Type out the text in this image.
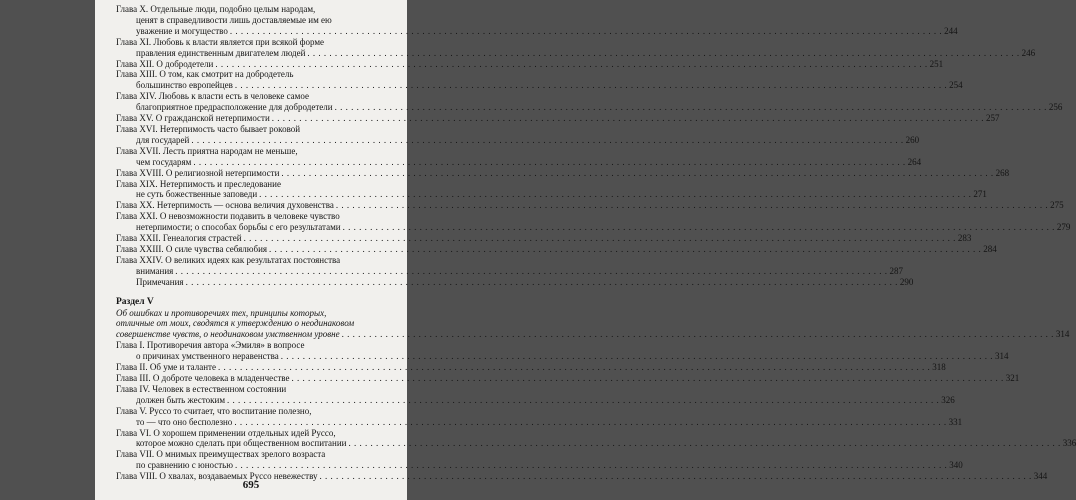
Глава X. Отдельные люди, подобно целым народам,
ценят в справедливости лишь доставляемые им ею
уважение и могущество . . .	244
Глава XI. Любовь к власти является при всякой форме
правления единственным двигателем людей . . .	246
Глава XII. О добродетели . . .	251
Глава XIII. О том, как смотрит на добродетель
большинство европейцев . . .	254
Глава XIV. Любовь к власти есть в человеке самое
благоприятное предрасположение для добродетели . . .	256
Глава XV. О гражданской нетерпимости . . .	257
Глава XVI. Нетерпимость часто бывает роковой
для государей . . .	260
Глава XVII. Лесть приятна народам не меньше,
чем государям . . .	264
Глава XVIII. О религиозной нетерпимости . . .	268
Глава XIX. Нетерпимость и преследование
не суть божественные заповеди . . .	271
Глава XX. Нетерпимость — основа величия духовенства . . .	275
Глава XXI. О невозможности подавить в человеке чувство
нетерпимости; о способах борьбы с его результатами . . .	279
Глава XXII. Генеалогия страстей . . .	283
Глава XXIII. О силе чувства себялюбия . . .	284
Глава XXIV. О великих идеях как результатах постоянства
внимания . . .	287
Примечания . . .	290
Раздел V
Об ошибках и противоречиях тех, принципы которых,
отличные от моих, сводятся к утверждению о неодинаковом
совершенстве чувств, о неодинаковом умственном уровне . . .	314
Глава I. Противоречия автора «Эмиля» в вопросе
о причинах умственного неравенства . . .	314
Глава II. Об уме и таланте . . .	318
Глава III. О доброте человека в младенчестве . . .	321
Глава IV. Человек в естественном состоянии
должен быть жестоким . . .	326
Глава V. Руссо то считает, что воспитание полезно,
то — что оно бесполезно . . .	331
Глава VI. О хорошем применении отдельных идей Руссо,
которое можно сделать при общественном воспитании . . .	336
Глава VII. О мнимых преимуществах зрелого возраста
по сравнению с юностью . . .	340
Глава VIII. О хвалах, воздаваемых Руссо невежеству . . .	344
695
